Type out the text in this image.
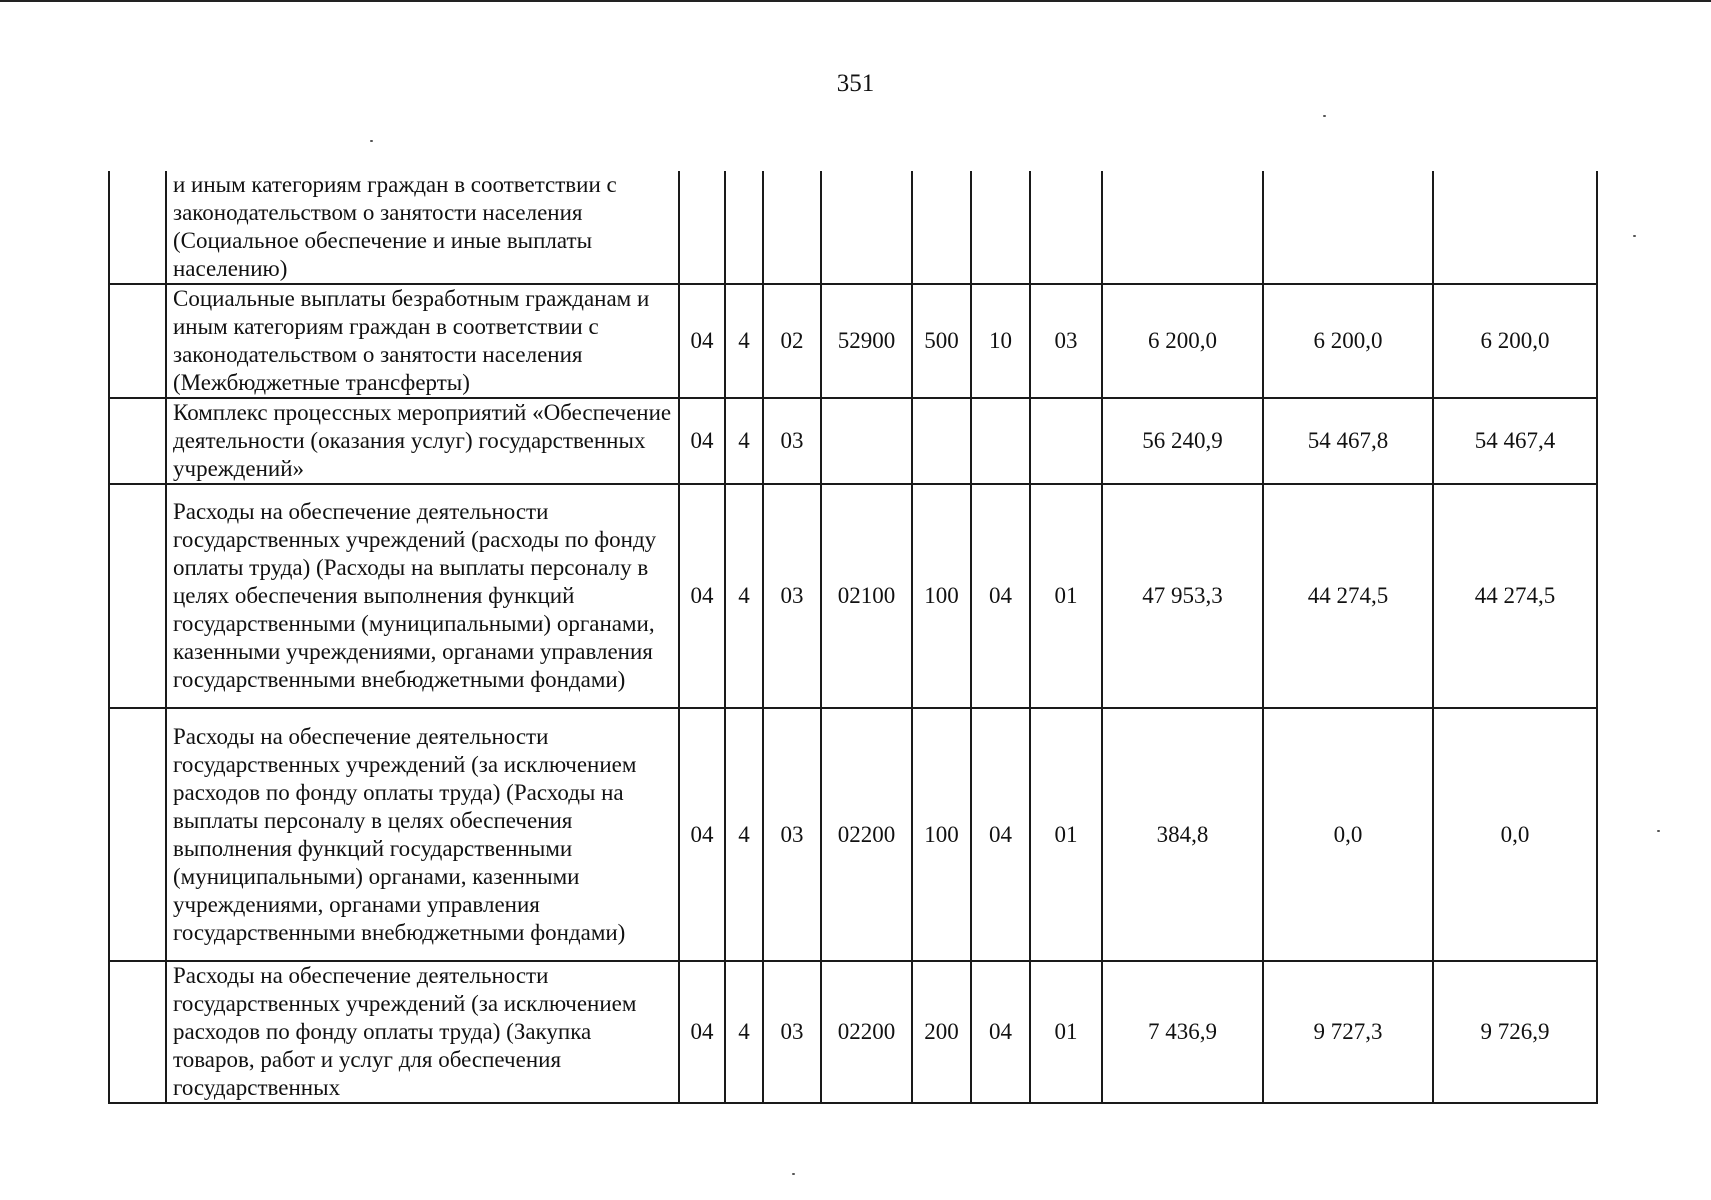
351
	и иным категориям граждан в соответствии с законодательством о занятости населения (Социальное обеспечение и иные выплаты населению)										
	Социальные выплаты безработным гражданам и иным категориям граждан в соответствии с законодательством о занятости населения (Межбюджетные трансферты)	04	4	02	52900	500	10	03	6 200,0	6 200,0	6 200,0
	Комплекс процессных мероприятий «Обеспечение деятельности (оказания услуг) государственных учреждений»	04	4	03					56 240,9	54 467,8	54 467,4
	Расходы на обеспечение деятельности государственных учреждений (расходы по фонду оплаты труда) (Расходы на выплаты персоналу в целях обеспечения выполнения функций государственными (муниципальными) органами, казенными учреждениями, органами управления государственными внебюджетными фондами)	04	4	03	02100	100	04	01	47 953,3	44 274,5	44 274,5
	Расходы на обеспечение деятельности государственных учреждений (за исключением расходов по фонду оплаты труда) (Расходы на выплаты персоналу в целях обеспечения выполнения функций государственными (муниципальными) органами, казенными учреждениями, органами управления государственными внебюджетными фондами)	04	4	03	02200	100	04	01	384,8	0,0	0,0
	Расходы на обеспечение деятельности государственных учреждений (за исключением расходов по фонду оплаты труда) (Закупка товаров, работ и услуг для обеспечения государственных	04	4	03	02200	200	04	01	7 436,9	9 727,3	9 726,9
